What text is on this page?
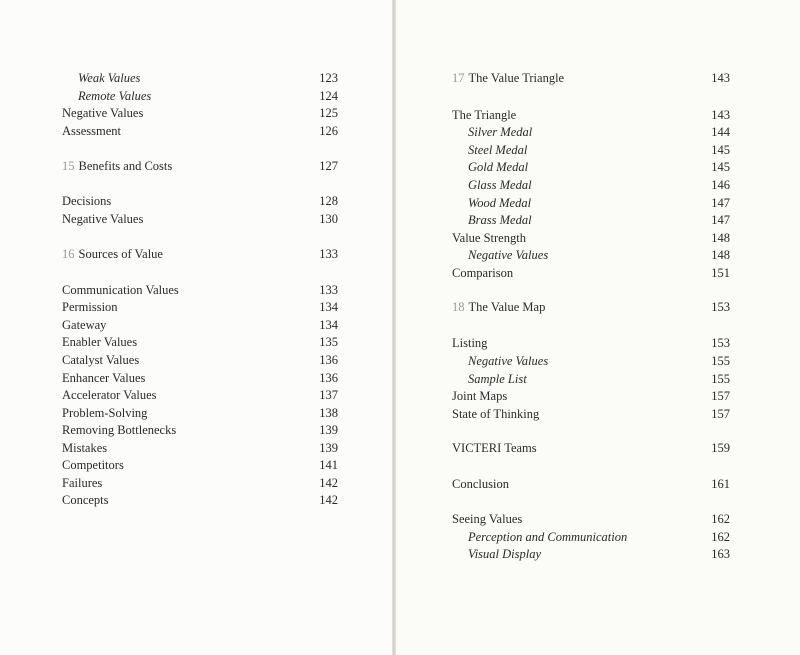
Weak Values	123
Remote Values	124
Negative Values	125
Assessment	126
15 Benefits and Costs	127
Decisions	128
Negative Values	130
16 Sources of Value	133
Communication Values	133
Permission	134
Gateway	134
Enabler Values	135
Catalyst Values	136
Enhancer Values	136
Accelerator Values	137
Problem-Solving	138
Removing Bottlenecks	139
Mistakes	139
Competitors	141
Failures	142
Concepts	142
17 The Value Triangle	143
The Triangle	143
Silver Medal	144
Steel Medal	145
Gold Medal	145
Glass Medal	146
Wood Medal	147
Brass Medal	147
Value Strength	148
Negative Values	148
Comparison	151
18 The Value Map	153
Listing	153
Negative Values	155
Sample List	155
Joint Maps	157
State of Thinking	157
VICTERI Teams	159
Conclusion	161
Seeing Values	162
Perception and Communication	162
Visual Display	163
